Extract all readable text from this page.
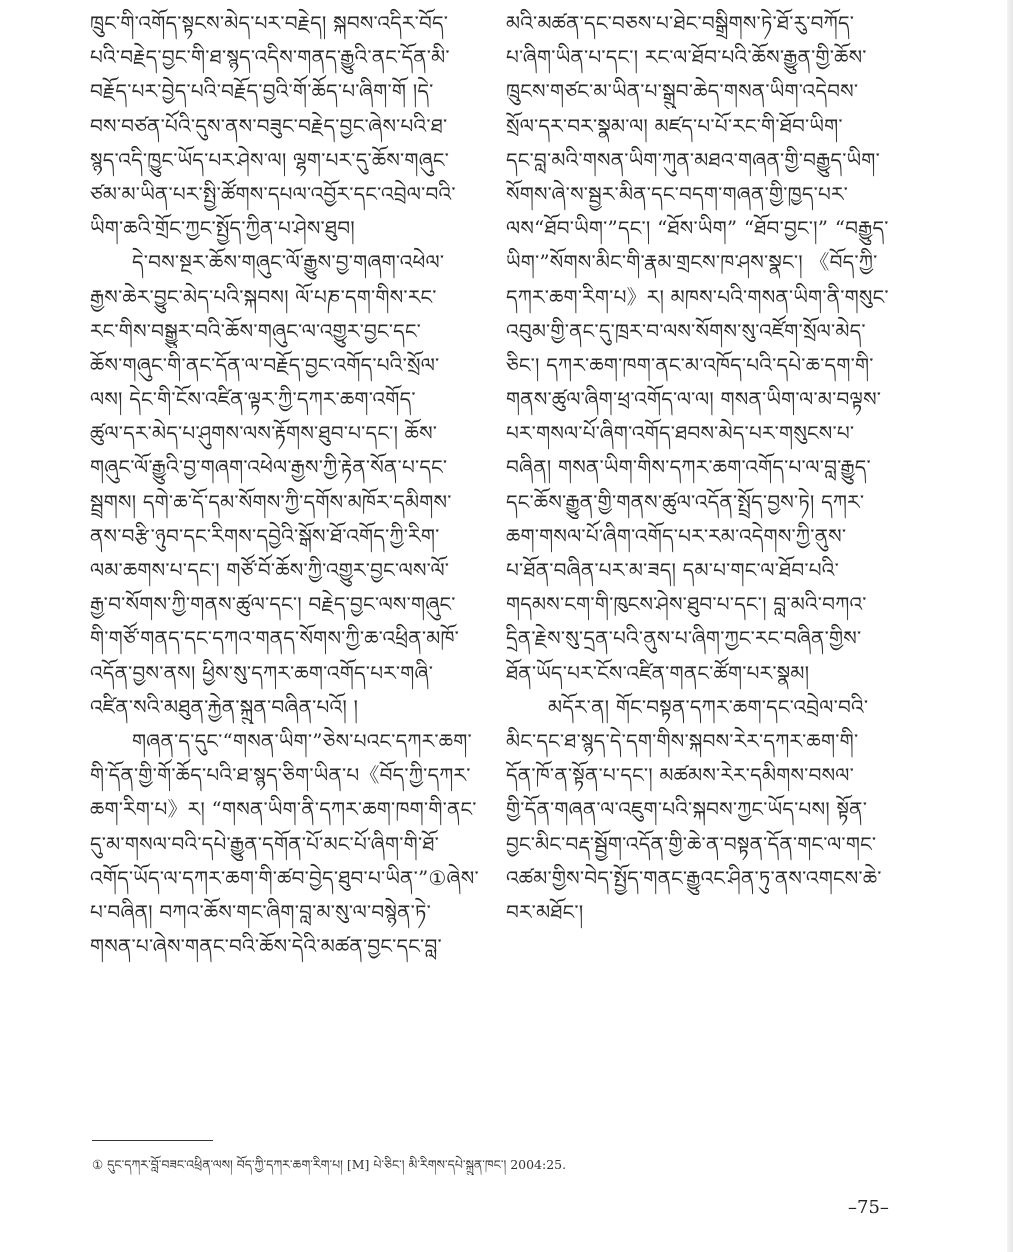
ཁྲུང་གི་འགོད་སྟངས་མེད་པར་བརྗེད། སྐབས་འདིར་བོད་
པའི་བརྗེད་བྱང་གི་ཐ་སྙད་འདིས་གནད་རྒྱུའི་ནང་དོན་མི་
བརྗོད་པར་བྱེད་པའི་བརྗོད་བྱའི་གོ་ཆོད་པ་ཞིག་གོ །དེ་
བས་བཙན་པོའི་དུས་ནས་བཟུང་བརྗེད་བྱང་ཞེས་པའི་ཐ་
སྙད་འདི་ཁྱུང་ཡོད་པར་ཤེས་ལ། ལྷག་པར་དུ་ཆོས་གཞུང་
ཙམ་མ་ཡིན་པར་སྤྱི་ཚོགས་དཔལ་འབྱོར་དང་འབྲེལ་བའི་
ཡིག་ཆའི་གྲོང་ཀྱང་སྤྱོད་ཀྱིན་པ་ཤེས་ཐུབ།
དེ་བས་སྔར་ཆོས་གཞུང་ལོ་རྒྱུས་བྱ་གཞག་འཕེལ་
རྒྱས་ཆེར་བྱུང་མེད་པའི་སྐབས། ལོ་པཎ་དག་གིས་རང་
རང་གིས་བསྒྱུར་བའི་ཆོས་གཞུང་ལ་འགྱུར་བྱང་དང་
ཆོས་གཞུང་གི་ནང་དོན་ལ་བརྗོད་བྱང་འགོད་པའི་སྲོལ་
ལས། དེང་གི་ངོས་འཛིན་ལྟར་ཀྱི་དཀར་ཆག་འགོད་
ཚུལ་དར་མེད་པ་ཤུགས་ལས་རྟོགས་ཐུབ་པ་དང་། ཆོས་
གཞུང་ལོ་རྒྱུའི་བྱ་གཞག་འཕེལ་རྒྱས་ཀྱི་རྟེན་སོན་པ་དང་
སྦྲགས། དགེ་ཆ་དོ་དམ་སོགས་ཀྱི་དགོས་མཁོར་དམིགས་
ནས་བརྩི་ཉུབ་དང་རིགས་དབྱེའི་སྒོས་ཐོ་འགོད་ཀྱི་རིག་
ལམ་ཆགས་པ་དང་། གཙོ་བོ་ཆོས་ཀྱི་འགྱུར་བྱང་ལས་ལོ་
རྒྱ་བ་སོགས་ཀྱི་གནས་ཚུལ་དང་། བརྗེད་བྱང་ལས་གཞུང་
གི་གཙོ་གནད་དང་དཀའ་གནད་སོགས་ཀྱི་ཆ་འཕྲིན་མཁོ་
འདོན་བྱས་ནས། ཕྱིས་སུ་དཀར་ཆག་འགོད་པར་གཞི་
འཛིན་སའི་མཐུན་རྐྱེན་སྐྲུན་བཞིན་པའོ། །
གཞན་ད་དུང་“གསན་ཡིག་”ཅེས་པའང་དཀར་ཆག་
གི་དོན་གྱི་གོ་ཆོད་པའི་ཐ་སྙད་ཅིག་ཡིན་པ《བོད་ཀྱི་དཀར་
ཆག་རིག་པ》ར། “གསན་ཡིག་ནི་དཀར་ཆག་ཁག་གི་ནང་
དུ་མ་གསལ་བའི་དཔེ་རྒྱུན་དགོན་པོ་མང་པོ་ཞིག་གི་ཐོ་
འགོད་ཡོད་ལ་དཀར་ཆག་གི་ཚབ་བྱེད་ཐུབ་པ་ཡིན་”①ཞེས་
པ་བཞིན། བཀའ་ཆོས་གང་ཞིག་བླ་མ་སུ་ལ་བསྙེན་ཏེ་
གསན་པ་ཞེས་གནང་བའི་ཆོས་དེའི་མཚན་བྱང་དང་བླ་
མའི་མཚན་དང་བཅས་པ་ཐེང་བསྒྲིགས་ཏེ་ཐོ་རུ་བཀོད་
པ་ཞིག་ཡིན་པ་དང་། རང་ལ་ཐོབ་པའི་ཆོས་རྒྱུན་གྱི་ཆོས་
ཁྲུངས་གཙང་མ་ཡིན་པ་སྒྲུབ་ཆེད་གསན་ཡིག་འདེབས་
སྲོལ་དར་བར་སྣམ་ལ། མཛད་པ་པོ་རང་གི་ཐོབ་ཡིག་
དང་བླ་མའི་གསན་ཡིག་ཀུན་མཐའ་གཞན་གྱི་བརྒྱུད་ཡིག་
སོགས་ཞེ་ས་སྦྱར་མིན་དང་བདག་གཞན་གྱི་ཁྱད་པར་
ལས“ཐོབ་ཡིག་”དང་། “ཐོས་ཡིག” “ཐོབ་བྱང་།” “བརྒྱུད་
ཡིག་”སོགས་མིང་གི་རྣམ་གྲངས་ཁ་ཤས་སྣང་། 《བོད་ཀྱི་
དཀར་ཆག་རིག་པ》ར། མཁས་པའི་གསན་ཡིག་ནི་གསུང་
འབུམ་གྱི་ནང་དུ་ཁྲར་བ་ལས་སོགས་སུ་འཛོག་སྲོལ་མེད་
ཅིང་། དཀར་ཆག་ཁག་ནང་མ་འཁོད་པའི་དཔེ་ཆ་དག་གི་
གནས་ཚུལ་ཞིག་ཕྲ་འགོད་ལ་ལ། གསན་ཡིག་ལ་མ་བལྟས་
པར་གསལ་པོ་ཞིག་འགོད་ཐབས་མེད་པར་གསུངས་པ་
བཞིན། གསན་ཡིག་གིས་དཀར་ཆག་འགོད་པ་ལ་བླ་རྒྱུད་
དང་ཆོས་རྒྱུན་གྱི་གནས་ཚུལ་འདོན་སྤྲོད་བྱས་ཏེ། དཀར་
ཆག་གསལ་པོ་ཞིག་འགོད་པར་རམ་འདེགས་ཀྱི་ནུས་
པ་ཐོན་བཞིན་པར་མ་ཟད། དམ་པ་གང་ལ་ཐོབ་པའི་
གདམས་ངག་གི་ཁུངས་ཤེས་ཐུབ་པ་དང་། བླ་མའི་བཀའ་
དྲིན་རྗེས་སུ་དྲན་པའི་ནུས་པ་ཞིག་ཀྱང་རང་བཞིན་གྱིས་
ཐོན་ཡོད་པར་ངོས་འཛིན་གནང་ཚོག་པར་སྣམ།
མདོར་ན། གོང་བསྟན་དཀར་ཆག་དང་འབྲེལ་བའི་
མིང་དང་ཐ་སྙད་དེ་དག་གིས་སྐབས་རེར་དཀར་ཆག་གི་
དོན་ཁོ་ན་སྟོན་པ་དང་། མཚམས་རེར་དམིགས་བསལ་
གྱི་དོན་གཞན་ལ་འཇུག་པའི་སྐབས་ཀྱང་ཡོད་པས། སྟོན་
བྱང་མིང་བརྡ་སྦྱོག་འདོན་གྱི་ཆེ་ན་བསྟན་དོན་གང་ལ་གང་
འཚམ་གྱིས་བེད་སྤྱོད་གནང་རྒྱུའང་ཤིན་ཏུ་ནས་འགངས་ཆེ་
བར་མཐོང་།
① དུང་དཀར་བློ་བཟང་འཕྲིན་ལས། བོད་ཀྱི་དཀར་ཆག་རིག་པ། [M] པེ་ཅིང་། མི་རིགས་དཔེ་སྐྲུན་ཁང་། 2004:25.
–75–
